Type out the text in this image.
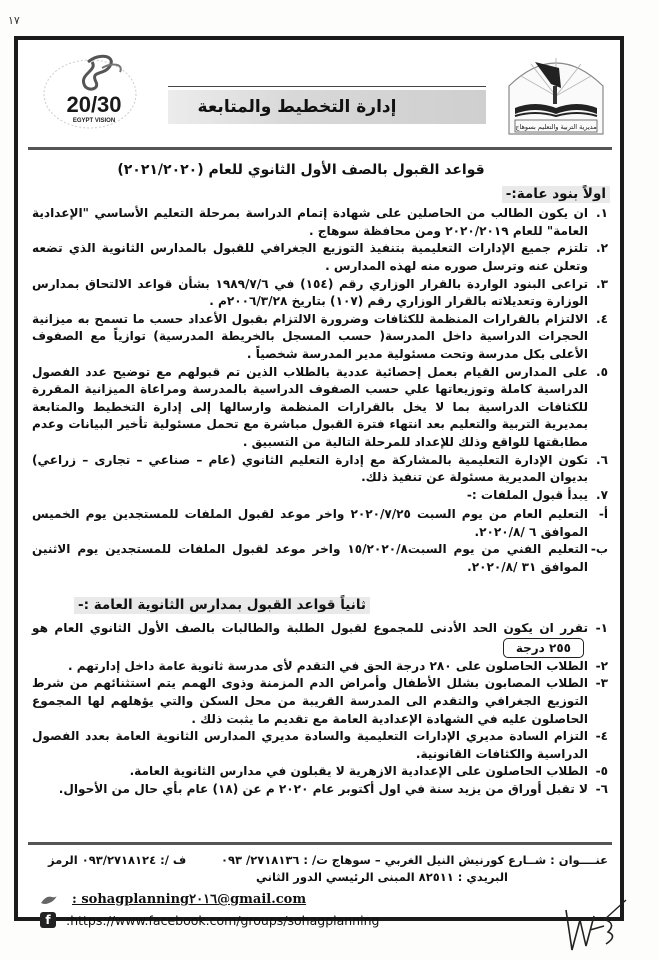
١٧
20/30
EGYPT VISION
إدارة التخطيط والمتابعة
مديرية التربية والتعليم بسوهاج
قواعد القبول بالصف الأول الثانوي للعام (٢٠٢١/٢٠٢٠)
اولاً بنود عامة:-
١.
ان يكون الطالب من الحاصلين على شهادة إتمام الدراسة بمرحلة التعليم الأساسي "الإعدادية العامة" للعام ٢٠٢٠/٢٠١٩ ومن محافظة سوهاج .
٢.
تلتزم جميع الإدارات التعليمية بتنفيذ التوزيع الجغرافي للقبول بالمدارس الثانوية الذي تضعه وتعلن عنه وترسل صوره منه لهذه المدارس .
٣.
تراعى البنود الواردة بالقرار الوزاري رقم (١٥٤) في ١٩٨٩/٧/٦ بشأن قواعد الالتحاق بمدارس الوزارة وتعديلاته بالقرار الوزاري رقم (١٠٧) بتاريخ ٢٠٠٦/٣/٢٨م .
٤.
الالتزام بالقرارات المنظمة للكثافات وضرورة الالتزام بقبول الأعداد حسب ما تسمح به ميزانية الحجرات الدراسية داخل المدرسة( حسب المسجل بالخريطة المدرسية) توازياً مع الصفوف الأعلى بكل مدرسة وتحت مسئولية مدير المدرسة شخصياً .
٥.
على المدارس القيام بعمل إحصائية عددية بالطلاب الذين تم قبولهم مع توضيح عدد الفصول الدراسية كاملة وتوزيعاتها علي حسب الصفوف الدراسية بالمدرسة ومراعاة الميزانية المقررة للكثافات الدراسية بما لا يخل بالقرارات المنظمة وارسالها إلى إدارة التخطيط والمتابعة بمديرية التربية والتعليم بعد انتهاء فترة القبول مباشرة مع تحمل مسئولية تأخير البيانات وعدم مطابقتها للواقع وذلك للإعداد للمرحلة التالية من التسبيق .
٦.
تكون الإدارة التعليمية بالمشاركة مع إدارة التعليم الثانوي (عام – صناعي – تجارى – زراعي) بديوان المديرية مسئولة عن تنفيذ ذلك.
٧.
يبدأ قبول الملفات :-
أ-
التعليم العام من يوم السبت ٢٠٢٠/٧/٢٥ واخر موعد لقبول الملفات للمستجدين يوم الخميس الموافق ٦ /٢٠٢٠/٨.
ب-
التعليم الفني من يوم السبت١٥/٢٠٢٠/٨ واخر موعد لقبول الملفات للمستجدين يوم الاثنين الموافق ٣١ /٢٠٢٠/٨.
ثانياً قواعد القبول بمدارس الثانوية العامة :-
١-
تقرر ان يكون الحد الأدنى للمجموع لقبول الطلبة والطالبات بالصف الأول الثانوي العام هو٢٥٥ درجة
٢-
الطلاب الحاصلون على ٢٨٠ درجة الحق في التقدم لأى مدرسة ثانوية عامة داخل إدارتهم .
٣-
الطلاب المصابون بشلل الأطفال وأمراض الدم المزمنة وذوى الهمم يتم استثنائهم من شرط التوزيع الجغرافي والتقدم الى المدرسة القريبة من محل السكن والتي يؤهلهم لها المجموع الحاصلون عليه في الشهادة الإعدادية العامة مع تقديم ما يثبت ذلك .
٤-
التزام السادة مديري الإدارات التعليمية والسادة مديري المدارس الثانوية العامة بعدد الفصول الدراسية والكثافات القانونية.
٥-
الطلاب الحاصلون على الإعدادية الازهرية لا يقبلون في مدارس الثانوية العامة.
٦-
لا تقبل أوراق من يزيد سنة في اول أكتوبر عام ٢٠٢٠ م عن (١٨) عام بأي حال من الأحوال.
عنــــوان : شــارع كورنيش النيل الغربي – سوهاج ت/ : ٢٧١٨١٣٦/ ٠٩٣
ف /: ٠٩٣/٢٧١٨١٢٤ الرمز
البريدي : ٨٢٥١١ المبنى الرئيسي الدور الثاني
: sohagplanning٢٠١٦@gmail.com
f	:https://www.facebook.com/groups/sohagplanning
